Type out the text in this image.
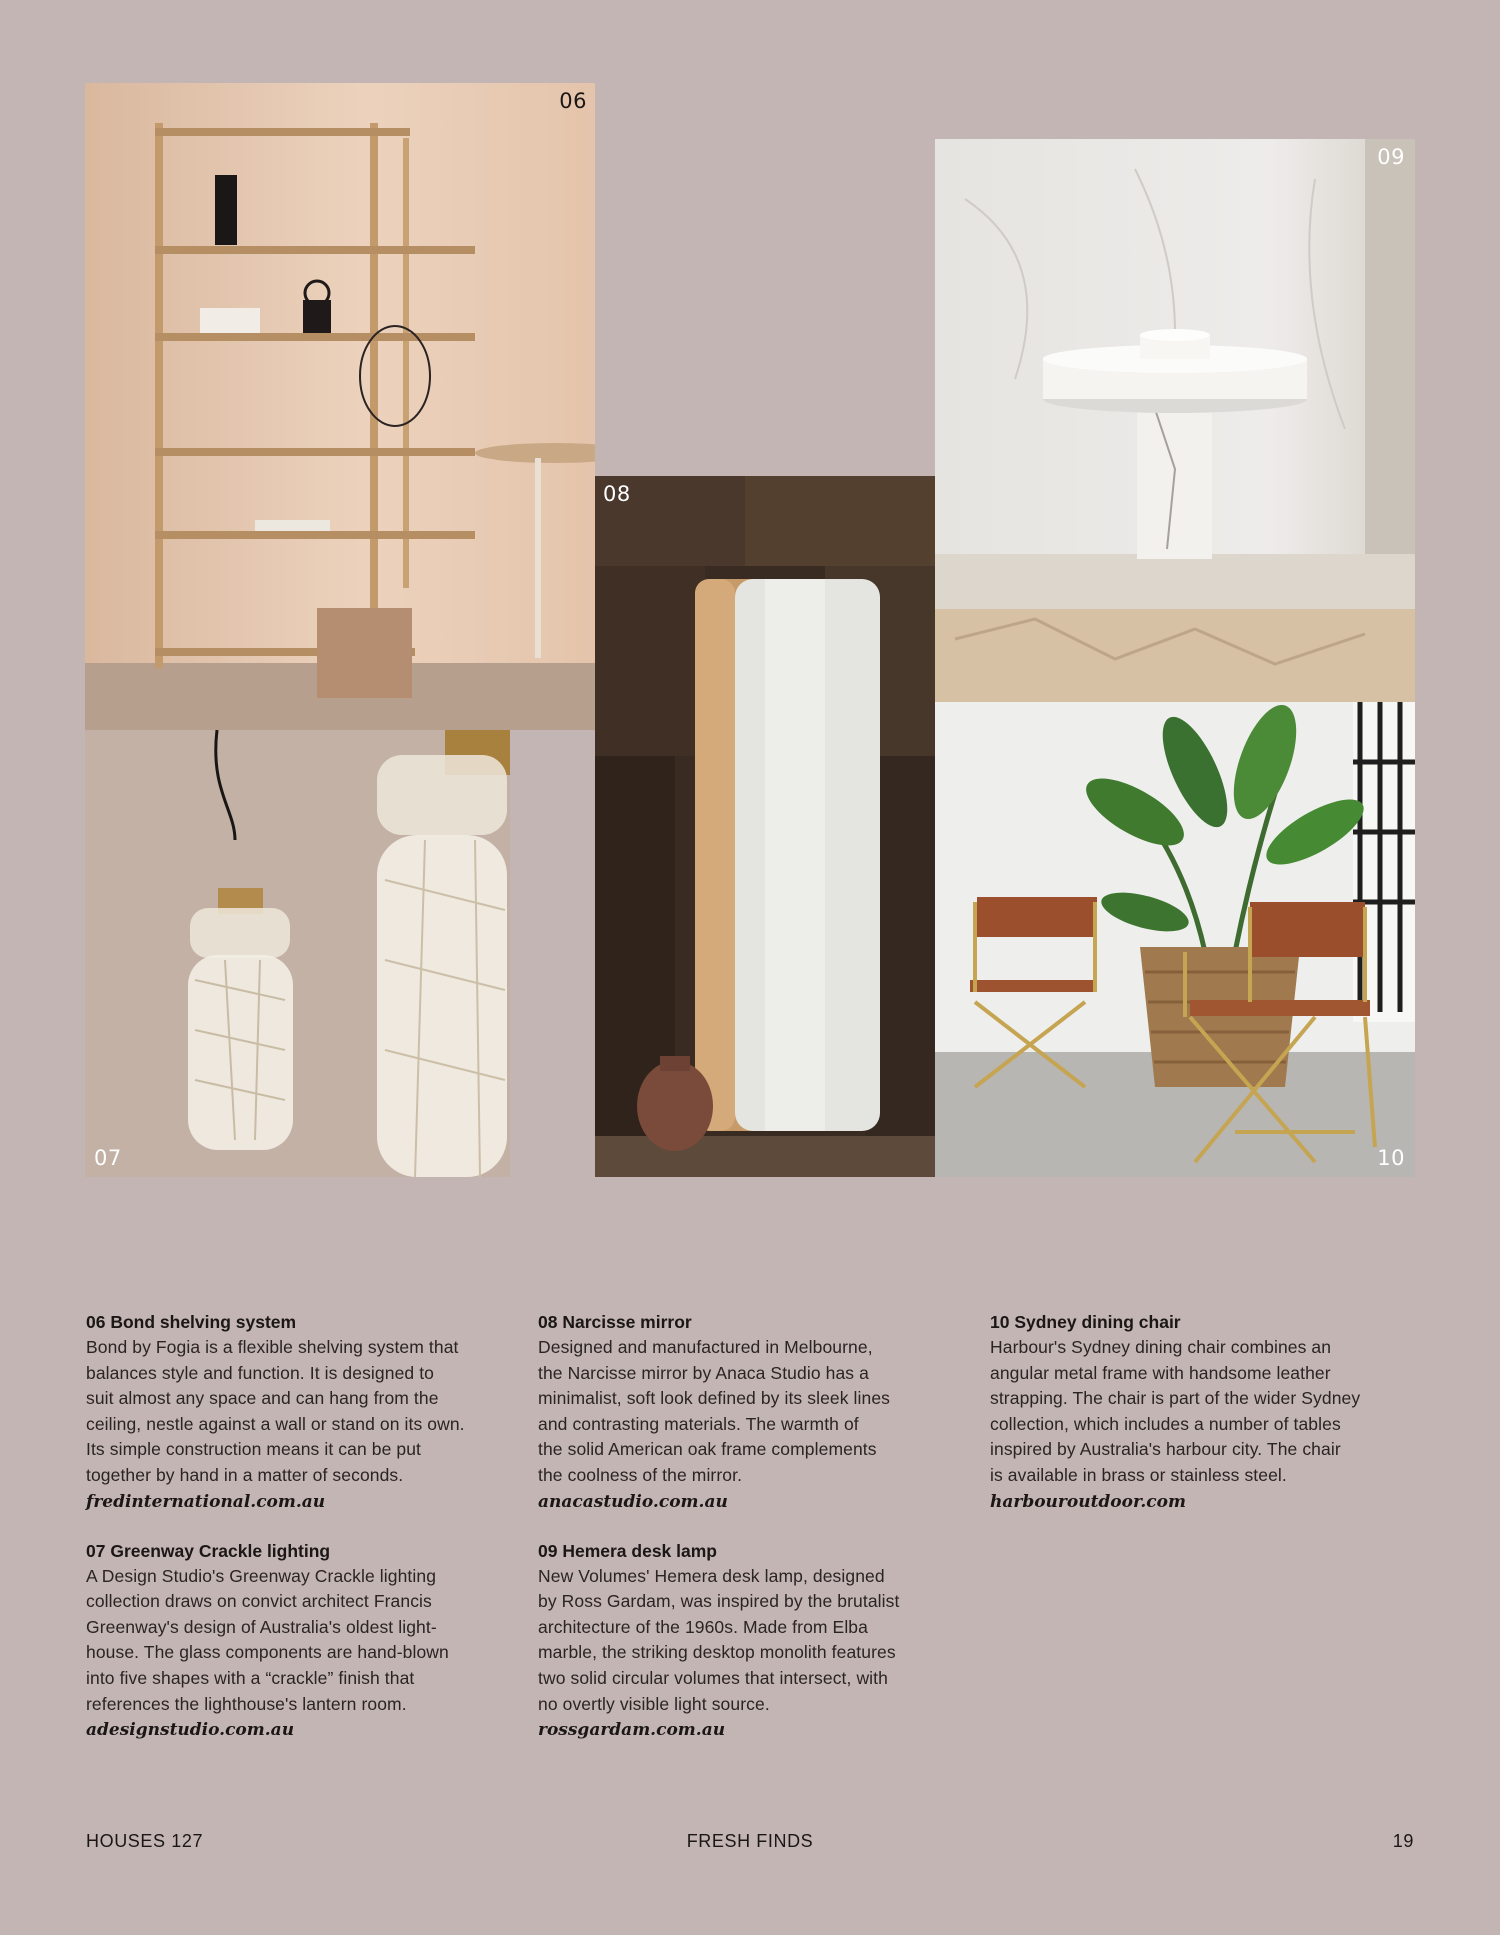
06
07
08
09
10

06 Bond shelving system

Bond by Fogia is a flexible shelving system that
balances style and function. It is designed to
suit almost any space and can hang from the
ceiling, nestle against a wall or stand on its own.
Its simple construction means it can be put
together by hand in a matter of seconds.

fredinternational.com.au

07 Greenway Crackle lighting

A Design Studio's Greenway Crackle lighting
collection draws on convict architect Francis
Greenway's design of Australia's oldest light-
house. The glass components are hand-blown
into five shapes with a “crackle” finish that
references the lighthouse's lantern room.

adesignstudio.com.au

08 Narcisse mirror

Designed and manufactured in Melbourne,
the Narcisse mirror by Anaca Studio has a
minimalist, soft look defined by its sleek lines
and contrasting materials. The warmth of
the solid American oak frame complements
the coolness of the mirror.

anacastudio.com.au

09 Hemera desk lamp

New Volumes' Hemera desk lamp, designed
by Ross Gardam, was inspired by the brutalist
architecture of the 1960s. Made from Elba
marble, the striking desktop monolith features
two solid circular volumes that intersect, with
no overtly visible light source.

rossgardam.com.au

10 Sydney dining chair

Harbour's Sydney dining chair combines an
angular metal frame with handsome leather
strapping. The chair is part of the wider Sydney
collection, which includes a number of tables
inspired by Australia's harbour city. The chair
is available in brass or stainless steel.

harbouroutdoor.com

HOUSES 127	FRESH FINDS	19
